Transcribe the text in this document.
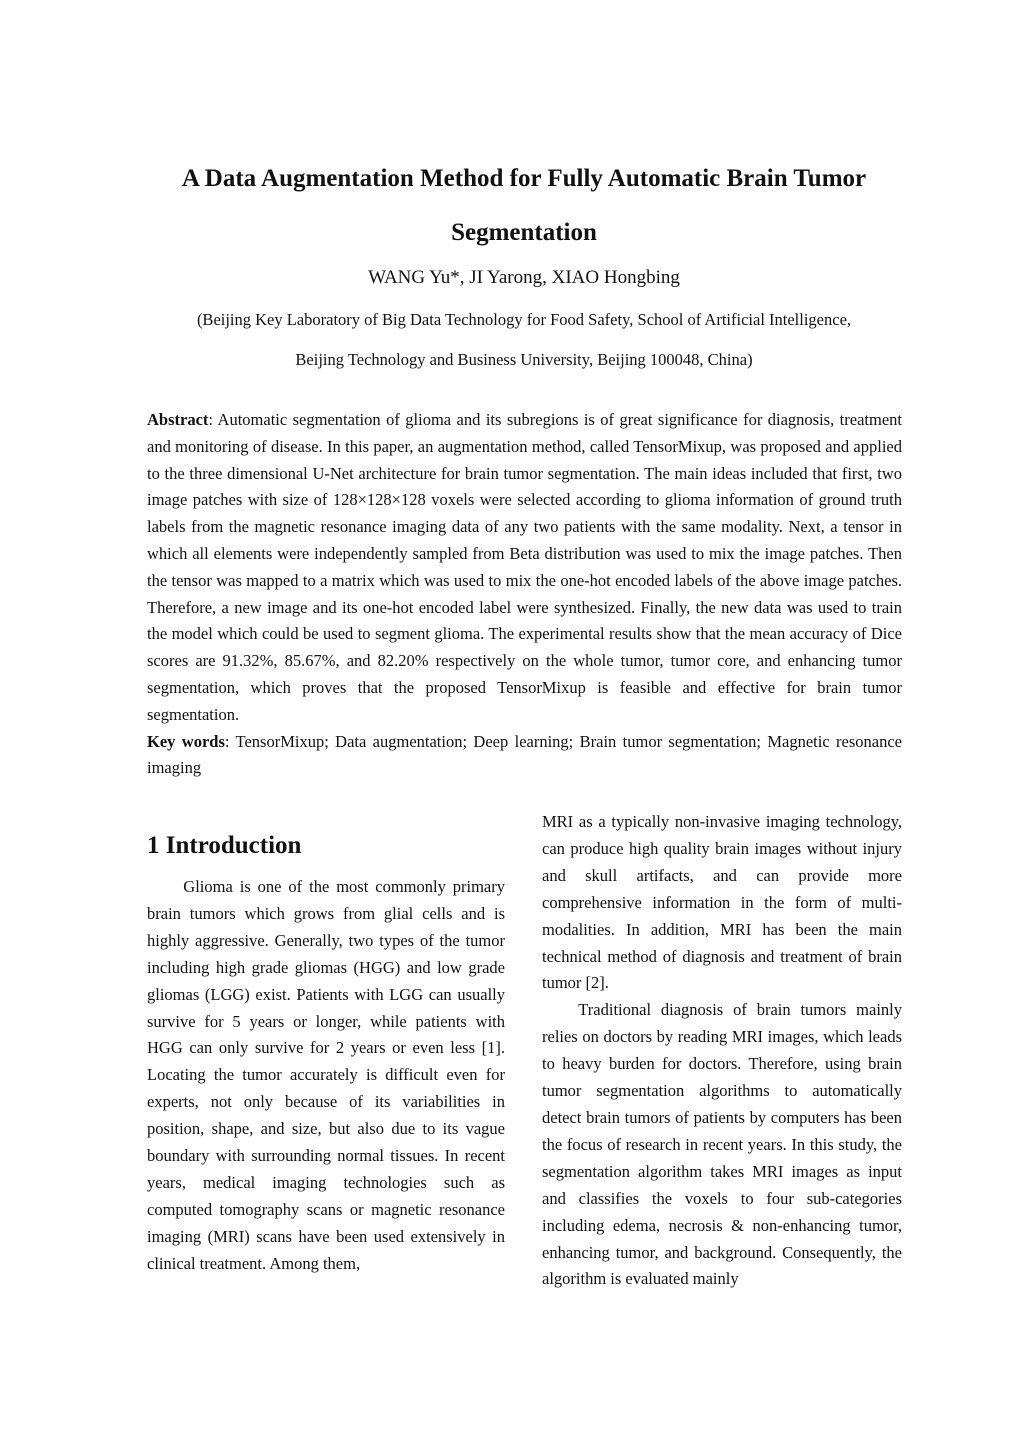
A Data Augmentation Method for Fully Automatic Brain Tumor
Segmentation
WANG Yu*, JI Yarong, XIAO Hongbing
(Beijing Key Laboratory of Big Data Technology for Food Safety, School of Artificial Intelligence,
Beijing Technology and Business University, Beijing 100048, China)

Abstract: Automatic segmentation of glioma and its subregions is of great significance for diagnosis, treatment and monitoring of disease. In this paper, an augmentation method, called TensorMixup, was proposed and applied to the three dimensional U-Net architecture for brain tumor segmentation. The main ideas included that first, two image patches with size of 128×128×128 voxels were selected according to glioma information of ground truth labels from the magnetic resonance imaging data of any two patients with the same modality. Next, a tensor in which all elements were independently sampled from Beta distribution was used to mix the image patches. Then the tensor was mapped to a matrix which was used to mix the one-hot encoded labels of the above image patches. Therefore, a new image and its one-hot encoded label were synthesized. Finally, the new data was used to train the model which could be used to segment glioma. The experimental results show that the mean accuracy of Dice scores are 91.32%, 85.67%, and 82.20% respectively on the whole tumor, tumor core, and enhancing tumor segmentation, which proves that the proposed TensorMixup is feasible and effective for brain tumor segmentation.

Key words: TensorMixup; Data augmentation; Deep learning; Brain tumor segmentation; Magnetic resonance imaging

1 Introduction

Glioma is one of the most commonly primary brain tumors which grows from glial cells and is highly aggressive. Generally, two types of the tumor including high grade gliomas (HGG) and low grade gliomas (LGG) exist. Patients with LGG can usually survive for 5 years or longer, while patients with HGG can only survive for 2 years or even less [1]. Locating the tumor accurately is difficult even for experts, not only because of its variabilities in position, shape, and size, but also due to its vague boundary with surrounding normal tissues. In recent years, medical imaging technologies such as computed tomography scans or magnetic resonance imaging (MRI) scans have been used extensively in clinical treatment. Among them,

MRI as a typically non-invasive imaging technology, can produce high quality brain images without injury and skull artifacts, and can provide more comprehensive information in the form of multi-modalities. In addition, MRI has been the main technical method of diagnosis and treatment of brain tumor [2].

Traditional diagnosis of brain tumors mainly relies on doctors by reading MRI images, which leads to heavy burden for doctors. Therefore, using brain tumor segmentation algorithms to automatically detect brain tumors of patients by computers has been the focus of research in recent years. In this study, the segmentation algorithm takes MRI images as input and classifies the voxels to four sub-categories including edema, necrosis & non-enhancing tumor, enhancing tumor, and background. Consequently, the algorithm is evaluated mainly
